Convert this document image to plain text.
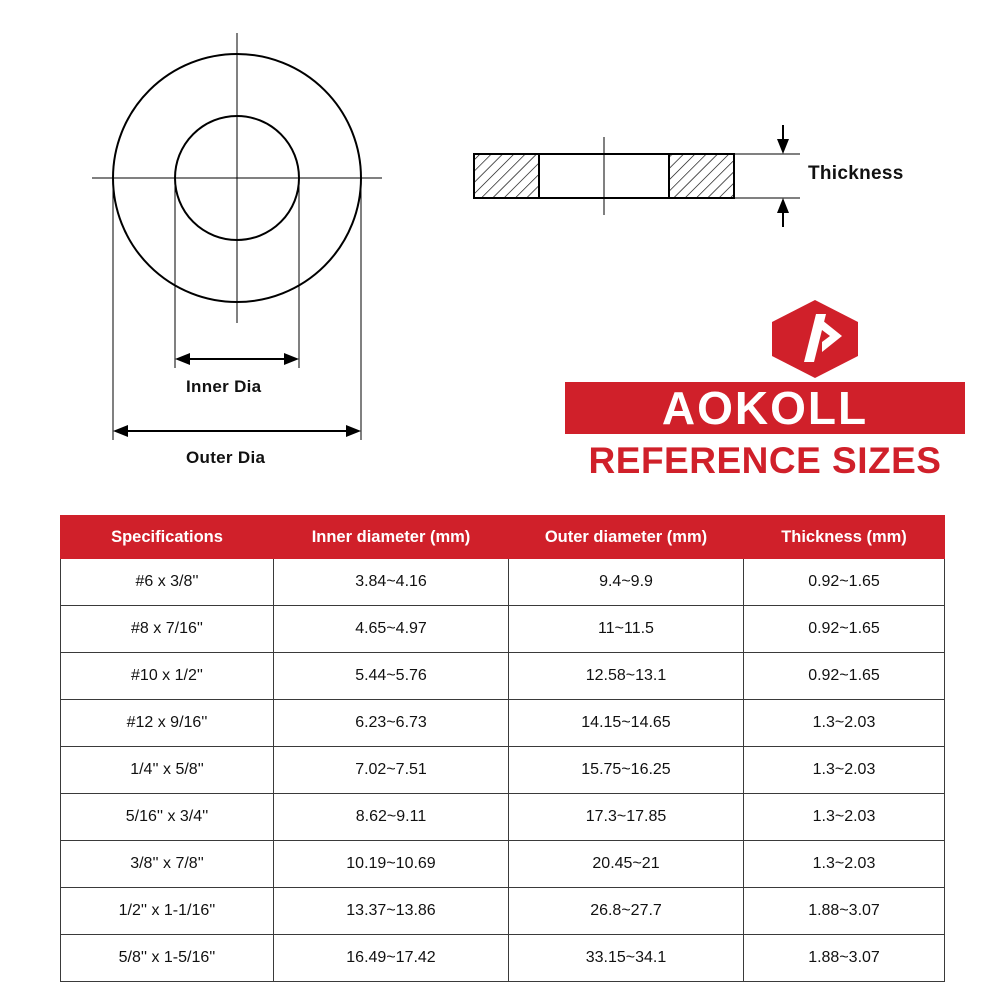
Inner Dia
Outer Dia
Thickness
AOKOLL
REFERENCE SIZES
Specifications	Inner diameter (mm)	Outer diameter (mm)	Thickness (mm)
#6 x 3/8''	3.84~4.16	9.4~9.9	0.92~1.65
#8 x 7/16''	4.65~4.97	11~11.5	0.92~1.65
#10 x 1/2''	5.44~5.76	12.58~13.1	0.92~1.65
#12 x 9/16''	6.23~6.73	14.15~14.65	1.3~2.03
1/4'' x 5/8''	7.02~7.51	15.75~16.25	1.3~2.03
5/16'' x 3/4''	8.62~9.11	17.3~17.85	1.3~2.03
3/8'' x 7/8''	10.19~10.69	20.45~21	1.3~2.03
1/2'' x 1-1/16''	13.37~13.86	26.8~27.7	1.88~3.07
5/8'' x 1-5/16''	16.49~17.42	33.15~34.1	1.88~3.07
